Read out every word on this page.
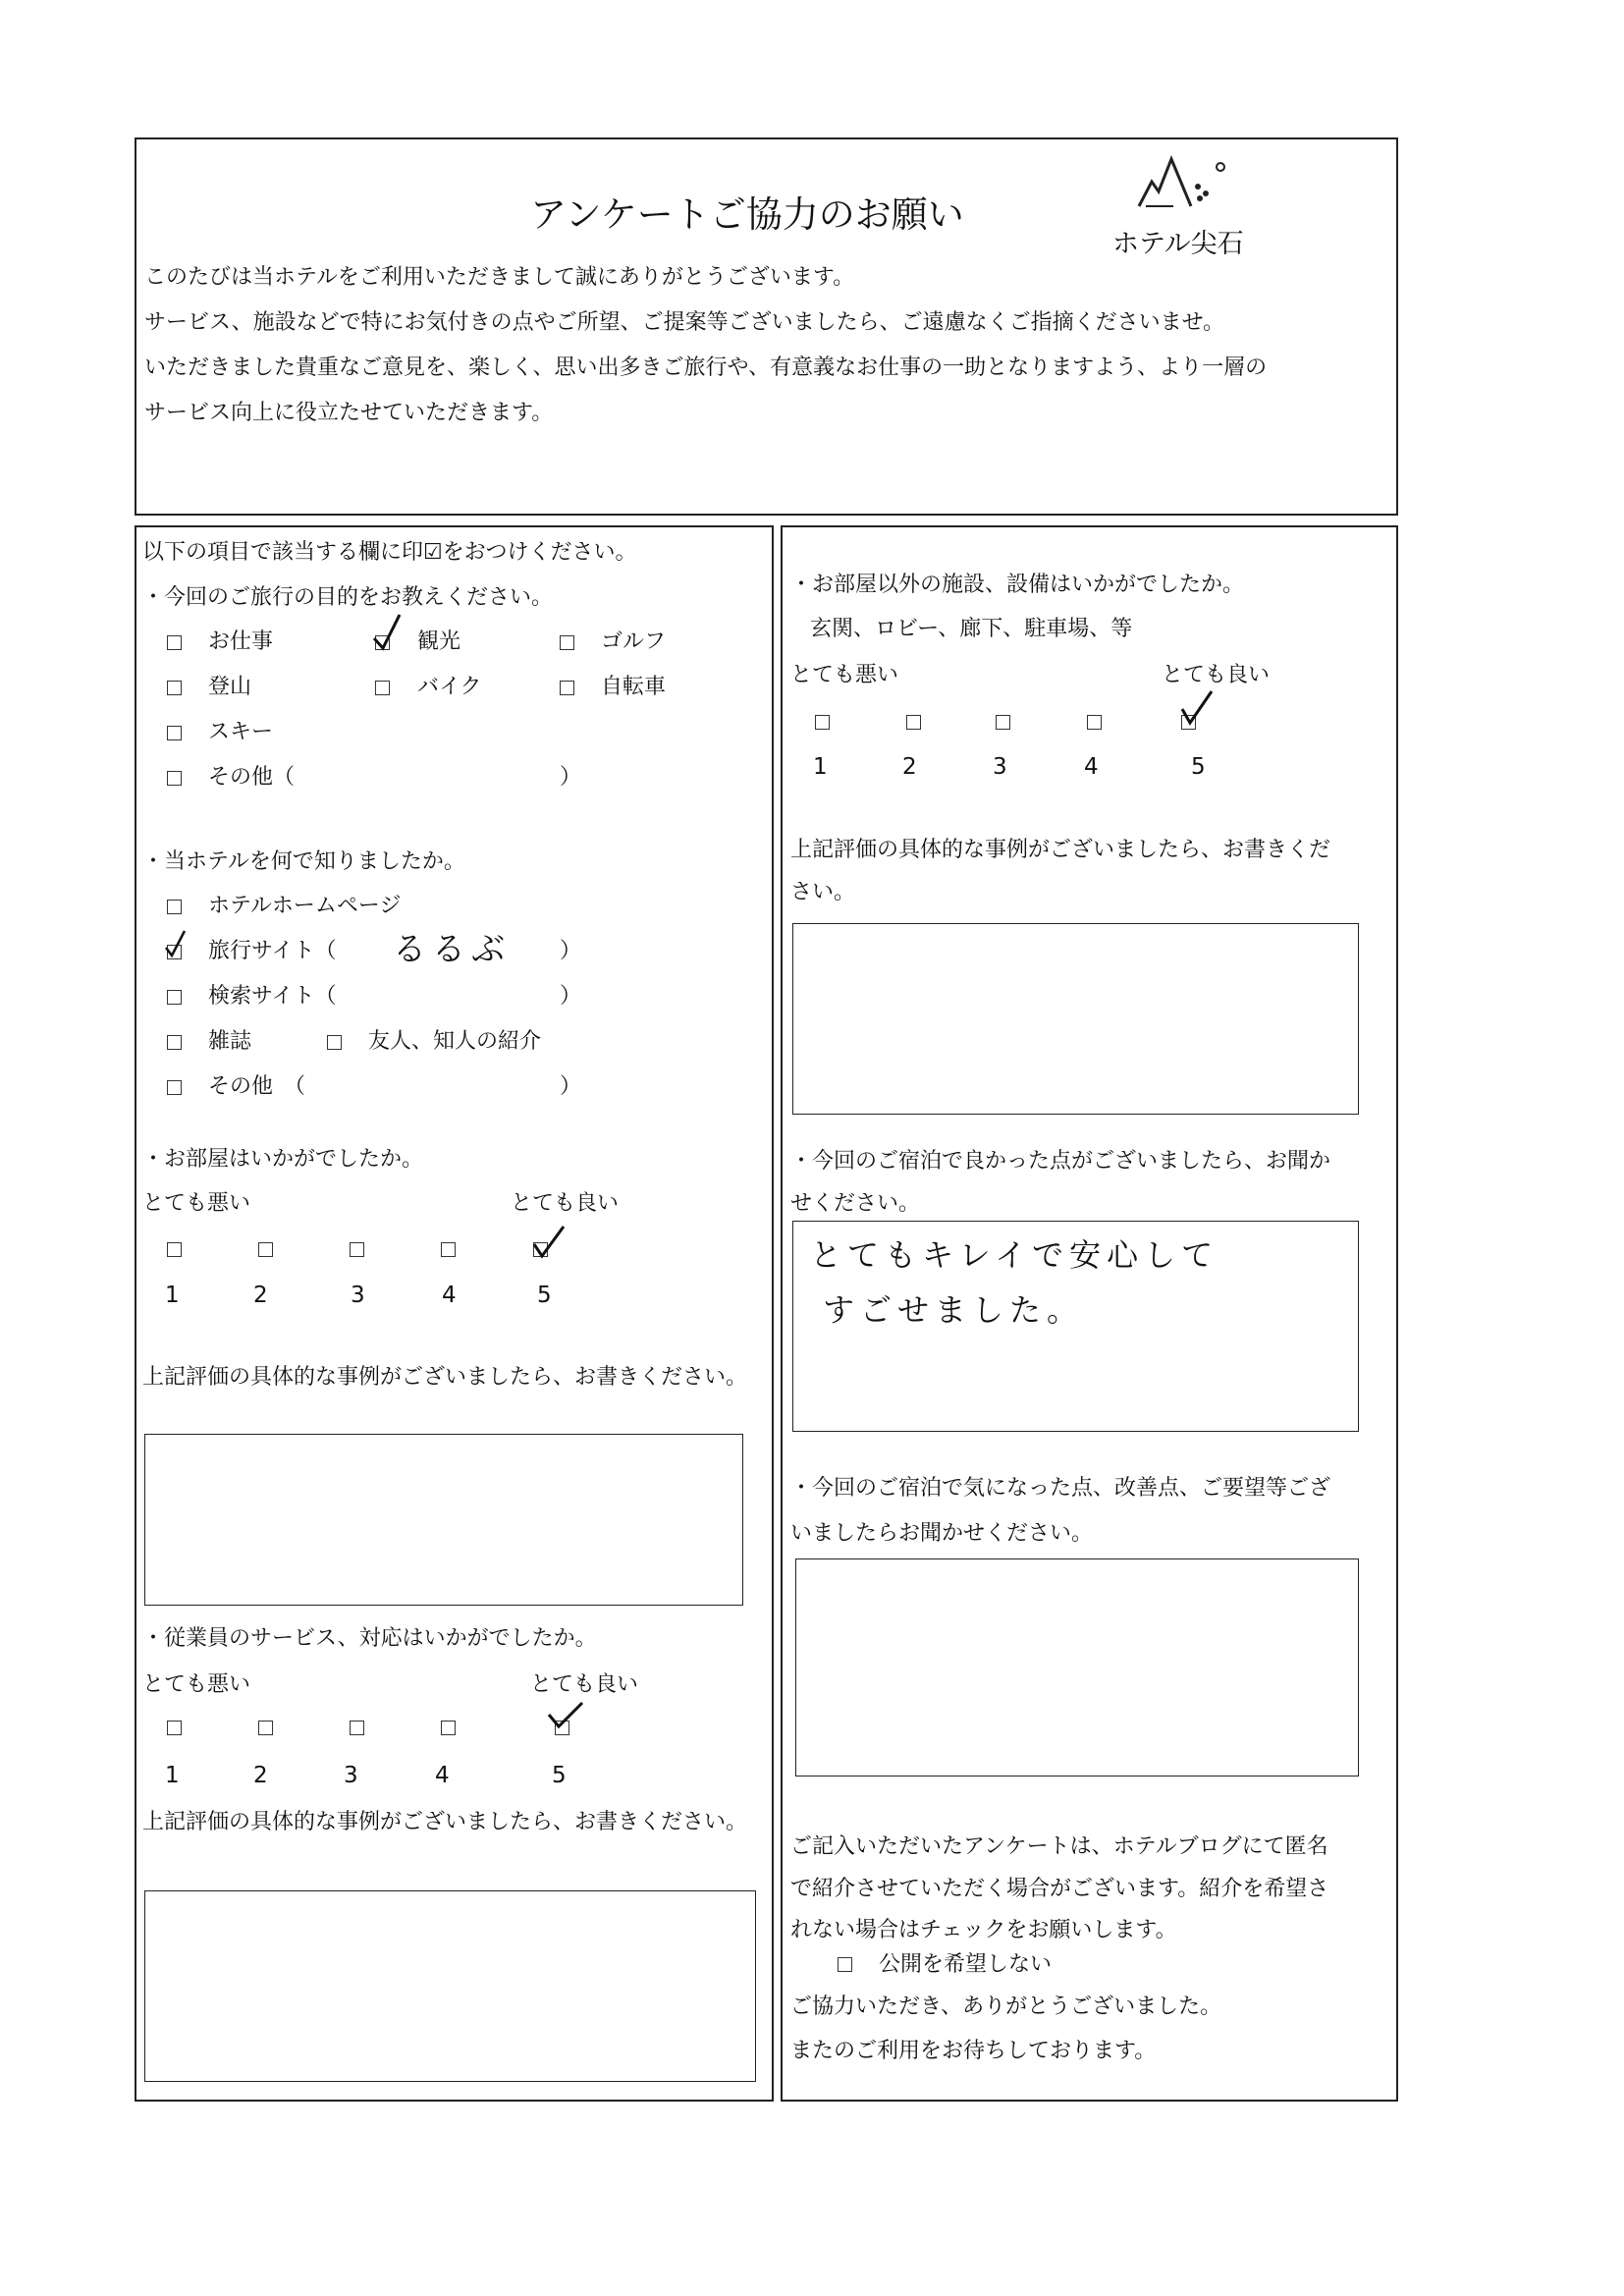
アンケートご協力のお願い
ホテル尖石
このたびは当ホテルをご利用いただきまして誠にありがとうございます。
サービス、施設などで特にお気付きの点やご所望、ご提案等ございましたら、ご遠慮なくご指摘くださいませ。
いただきました貴重なご意見を、楽しく、思い出多きご旅行や、有意義なお仕事の一助となりますよう、より一層の
サービス向上に役立たせていただきます。
以下の項目で該当する欄に印☑をおつけください。
・今回のご旅行の目的をお教えください。
お仕事	観光	ゴルフ
登山	バイク	自転車
スキー
その他（	）
・当ホテルを何で知りましたか。
ホテルホームページ
旅行サイト（ るるぶ ）
検索サイト（	）
雑誌	友人、知人の紹介
その他　（	）
・お部屋はいかがでしたか。
とても悪い	とても良い
1	2	3	4	5
上記評価の具体的な事例がございましたら、お書きください。
・従業員のサービス、対応はいかがでしたか。
とても悪い	とても良い
1	2	3	4	5
上記評価の具体的な事例がございましたら、お書きください。
・お部屋以外の施設、設備はいかがでしたか。
玄関、ロビー、廊下、駐車場、等
とても悪い	とても良い
1	2	3	4	5
上記評価の具体的な事例がございましたら、お書きくだ
さい。
・今回のご宿泊で良かった点がございましたら、お聞か
せください。
とてもキレイで安心して
すごせました。
・今回のご宿泊で気になった点、改善点、ご要望等ござ
いましたらお聞かせください。
ご記入いただいたアンケートは、ホテルブログにて匿名
で紹介させていただく場合がございます。紹介を希望さ
れない場合はチェックをお願いします。
公開を希望しない
ご協力いただき、ありがとうございました。
またのご利用をお待ちしております。
